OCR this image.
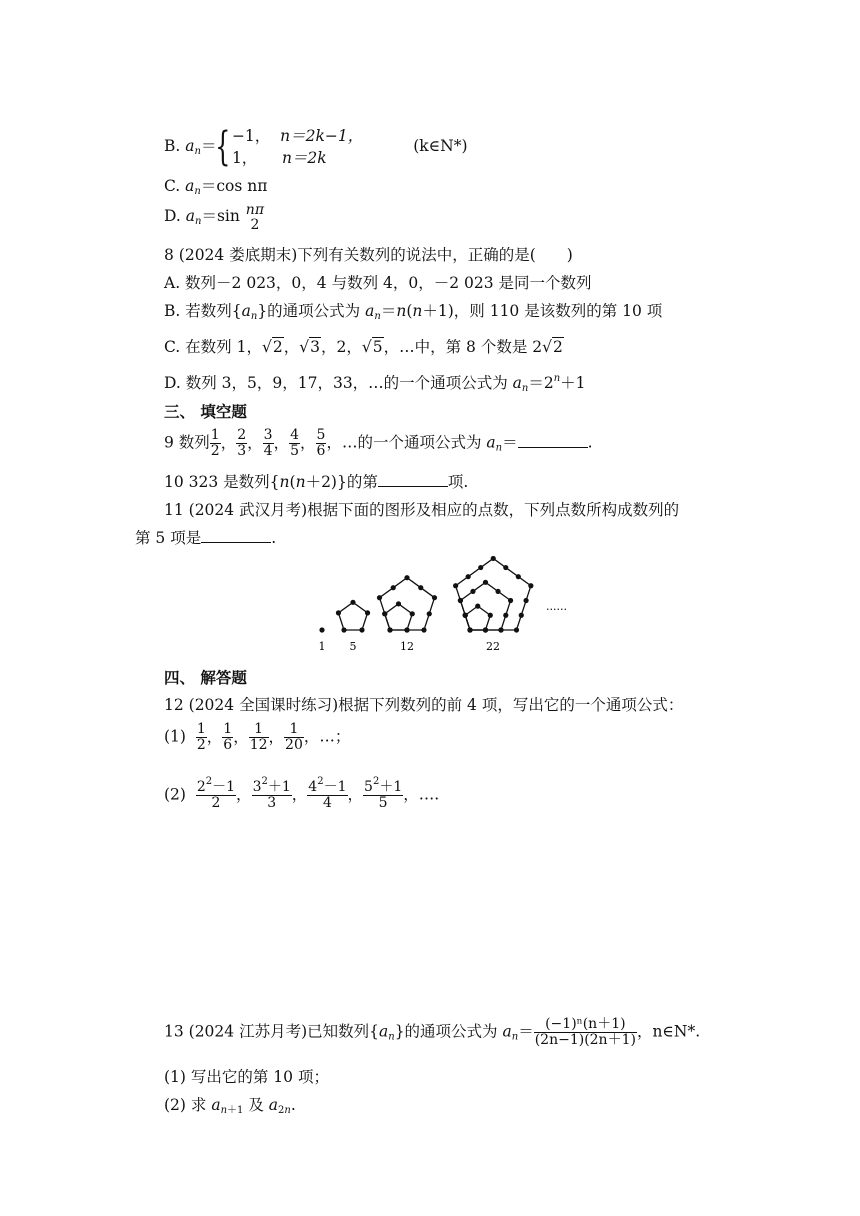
B. $a_n=\{ -1$， n＝2k−1，
1， n＝2k
(k∈N*)
C. $a_n=\cos$ nπ
D. $a_n=\sin$ nπ
2
8 (2024 娄底期末)下列有关数列的说法中，正确的是(　　)
A. 数列－2 023，0，4 与数列 4，0，－2 023 是同一个数列
B. 若数列$\{a_n\}$的通项公式为 $a_n=n(n+1)$，则 110 是该数列的第 10 项
C. 在数列 1，√2，√3，2，√5，…中，第 8 个数是 2√2
D. 数列 3，5，9，17，33，…的一个通项公式为 $a_n=2^n+1$
三、 填空题
9 数列 $\frac{1}{2}$ ， $\frac{2}{3}$ ， $\frac{3}{4}$ ， $\frac{4}{5}$ ， $\frac{5}{6}$ ，…的一个通项公式为 $a_n=$	.
10 323 是数列{n(n＋2)}的第	项.
11 (2024 武汉月考)根据下面的图形及相应的点数，下列点数所构成数列的
第 5 项是	.
1 5	12	22
......
四、 解答题
12 (2024 全国课时练习)根据下列数列的前 4 项，写出它的一个通项公式：
$(1) \frac{1}{2}$ ， $\frac{1}{6}$ ， $\frac{1}{12}$ ， $\frac{1}{20}$ ，…；
$(2) \frac{2^2-1}{2}$ ， $\frac{3^2+1}{3}$ ， $\frac{4^2-1}{4}$ ， $\frac{5^2+1}{5}$ ，….
13 (2024 江苏月考)已知数列$\{a_n\}$的通项公式为 $a_n= \frac{\text{(−1)ⁿ(n＋1)}}{(2n-1)(2n+1)}$ ，n∈N*.
(1) 写出它的第 10 项；
(2) 求 $a_{n+1}$ 及 $a_{2n}$.
